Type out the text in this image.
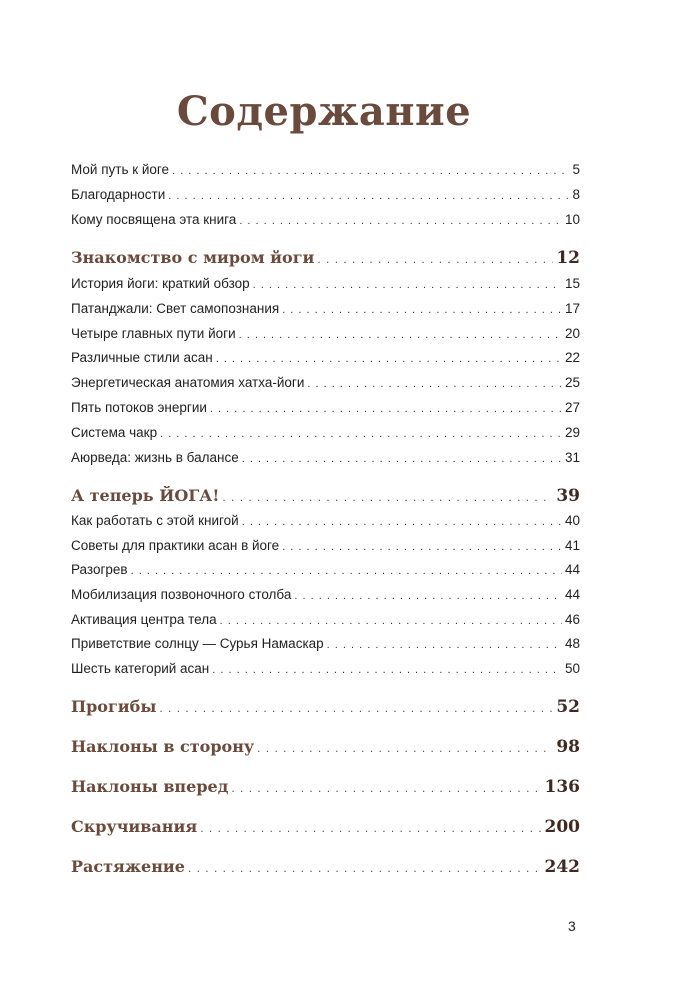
Содержание
Мой путь к йоге . . .	5
Благодарности . . .	8
Кому посвящена эта книга . . .	10
Знакомство с миром йоги . . .	12
История йоги: краткий обзор . . .	15
Патанджали: Свет самопознания . . .	17
Четыре главных пути йоги . . .	20
Различные стили асан . . .	22
Энергетическая анатомия хатха-йоги . . .	25
Пять потоков энергии . . .	27
Система чакр . . .	29
Аюрведа: жизнь в балансе . . .	31
А теперь ЙОГА! . . .	39
Как работать с этой книгой . . .	40
Советы для практики асан в йоге . . .	41
Разогрев . . .	44
Мобилизация позвоночного столба . . .	44
Активация центра тела . . .	46
Приветствие солнцу — Сурья Намаскар . . .	48
Шесть категорий асан . . .	50
Прогибы . . .	52
Наклоны в сторону . . .	98
Наклоны вперед . . .	136
Скручивания . . .	200
Растяжение . . .	242
3
